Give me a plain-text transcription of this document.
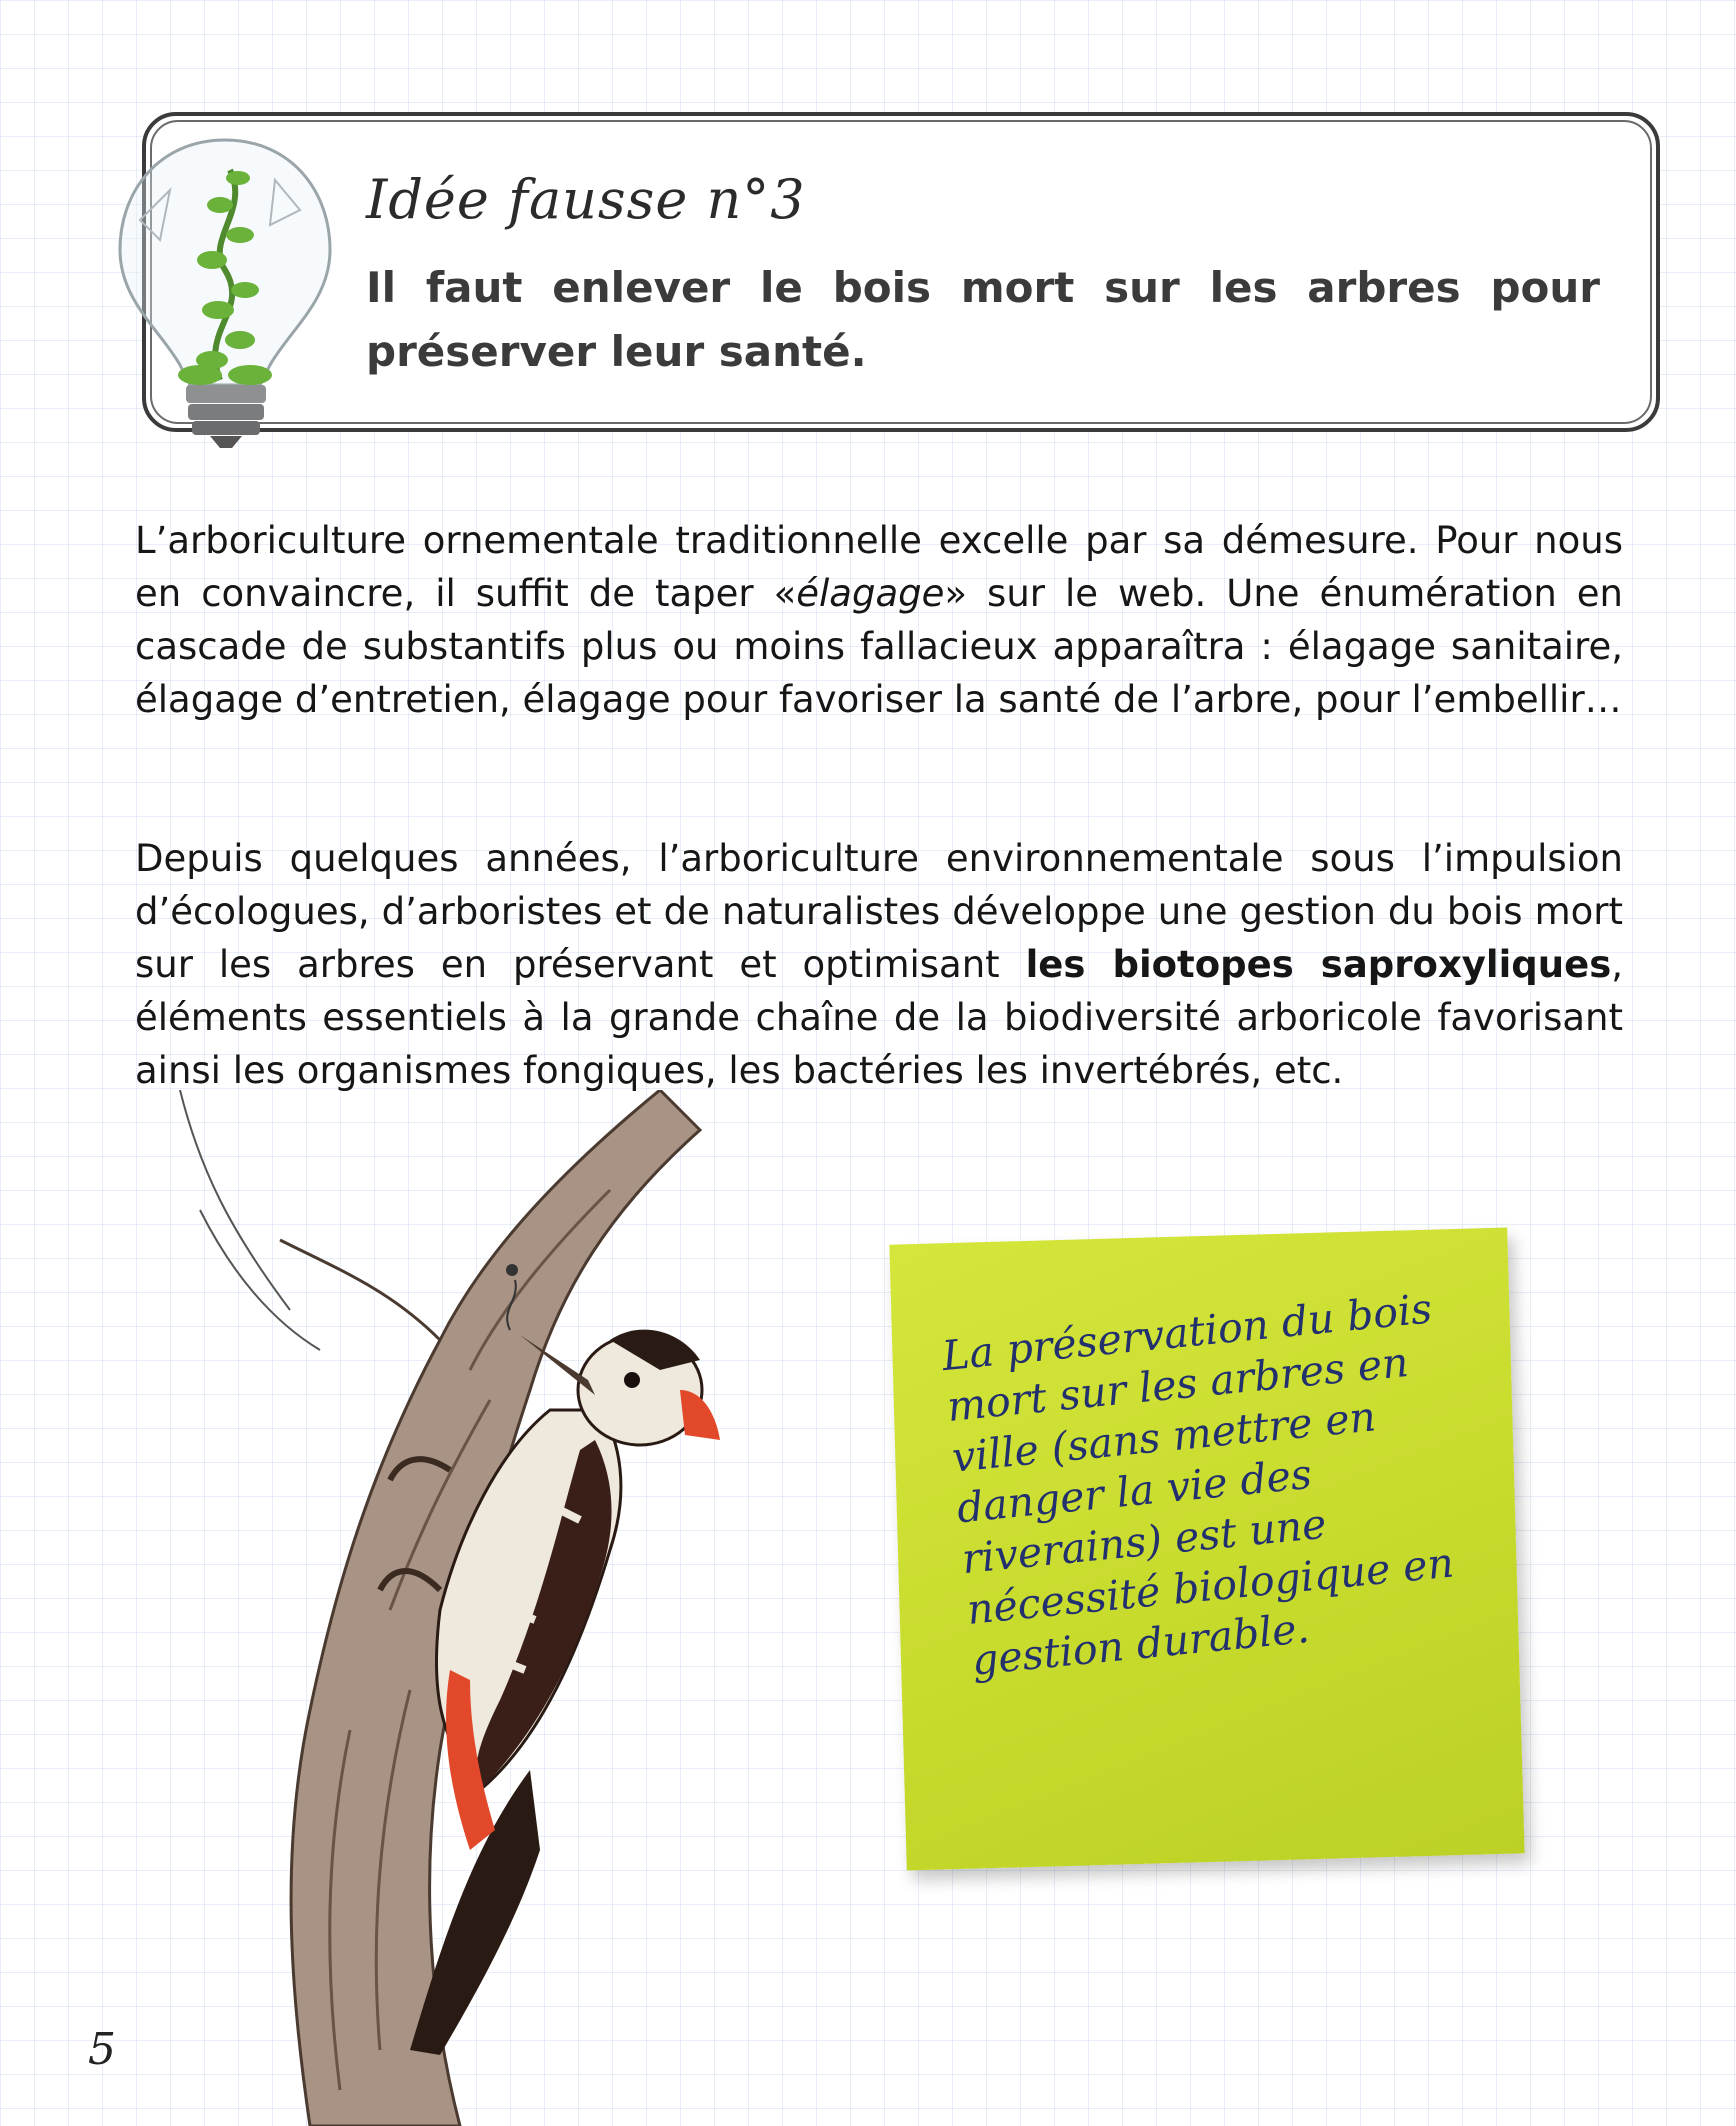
Idée fausse n°3

Il faut enlever le bois mort sur les arbres pour préserver leur santé.

L’arboriculture ornementale traditionnelle excelle par sa démesure. Pour nous en convaincre, il suffit de taper «élagage» sur le web. Une énumération en cascade de substantifs plus ou moins fallacieux apparaîtra : élagage sanitaire, élagage d’entretien, élagage pour favoriser la santé de l’arbre, pour l’embellir…

Depuis quelques années, l’arboriculture environnementale sous l’impulsion d’écologues, d’arboristes et de naturalistes développe une gestion du bois mort sur les arbres en préservant et optimisant les biotopes saproxyliques, éléments essentiels à la grande chaîne de la biodiversité arboricole favorisant ainsi les organismes fongiques, les bactéries les invertébrés, etc.

La préservation du bois mort sur les arbres en ville (sans mettre en danger la vie des riverains) est une nécessité biologique en gestion durable.

5
